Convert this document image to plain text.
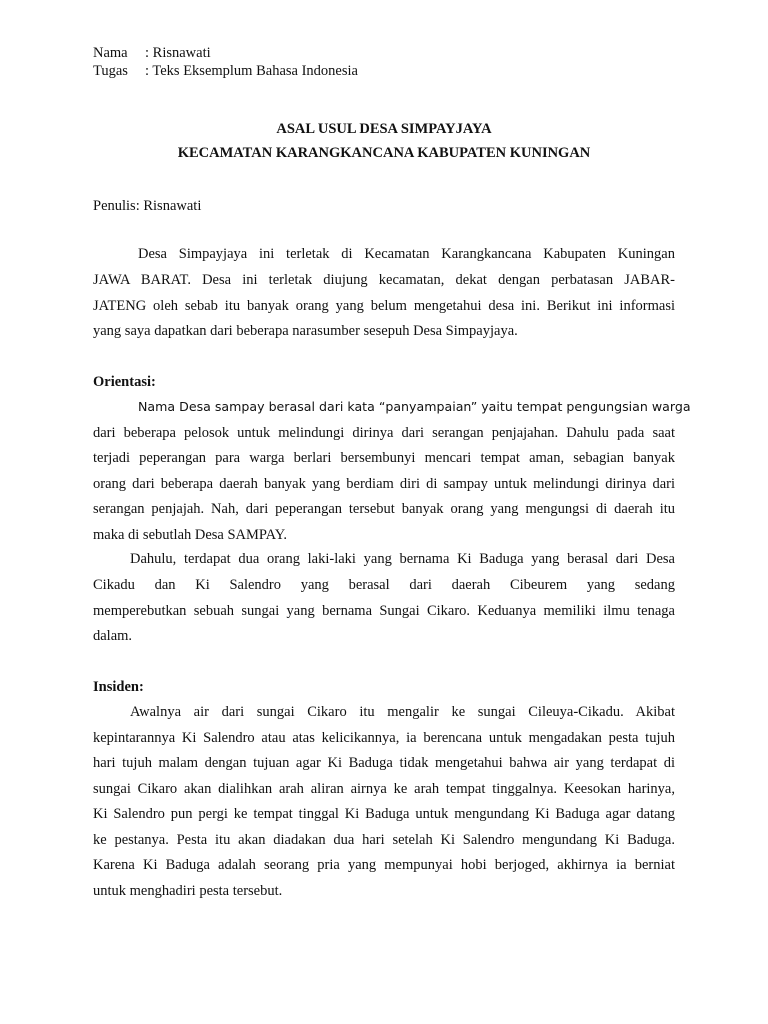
Nama : Risnawati
Tugas : Teks Eksemplum Bahasa Indonesia
ASAL USUL DESA SIMPAYJAYA
KECAMATAN KARANGKANCANA KABUPATEN KUNINGAN
Penulis: Risnawati
Desa Simpayjaya ini terletak di Kecamatan Karangkancana Kabupaten Kuningan
JAWA BARAT. Desa ini terletak diujung kecamatan, dekat dengan perbatasan JABAR-
JATENG oleh sebab itu banyak orang yang belum mengetahui desa ini. Berikut ini informasi
yang saya dapatkan dari beberapa narasumber sesepuh Desa Simpayjaya.
Orientasi:
Nama Desa sampay berasal dari kata “panyampaian” yaitu tempat pengungsian warga
dari beberapa pelosok untuk melindungi dirinya dari serangan penjajahan. Dahulu pada saat
terjadi peperangan para warga berlari bersembunyi mencari tempat aman, sebagian banyak
orang dari beberapa daerah banyak yang berdiam diri di sampay untuk melindungi dirinya dari
serangan penjajah. Nah, dari peperangan tersebut banyak orang yang mengungsi di daerah itu
maka di sebutlah Desa SAMPAY.
Dahulu, terdapat dua orang laki-laki yang bernama Ki Baduga yang berasal dari Desa
Cikadu dan Ki Salendro yang berasal dari daerah Cibeurem yang sedang
memperebutkan sebuah sungai yang bernama Sungai Cikaro. Keduanya memiliki ilmu tenaga
dalam.
Insiden:
Awalnya air dari sungai Cikaro itu mengalir ke sungai Cileuya-Cikadu. Akibat
kepintarannya Ki Salendro atau atas kelicikannya, ia berencana untuk mengadakan pesta tujuh
hari tujuh malam dengan tujuan agar Ki Baduga tidak mengetahui bahwa air yang terdapat di
sungai Cikaro akan dialihkan arah aliran airnya ke arah tempat tinggalnya. Keesokan harinya,
Ki Salendro pun pergi ke tempat tinggal Ki Baduga untuk mengundang Ki Baduga agar datang
ke pestanya. Pesta itu akan diadakan dua hari setelah Ki Salendro mengundang Ki Baduga.
Karena Ki Baduga adalah seorang pria yang mempunyai hobi berjoged, akhirnya ia berniat
untuk menghadiri pesta tersebut.
